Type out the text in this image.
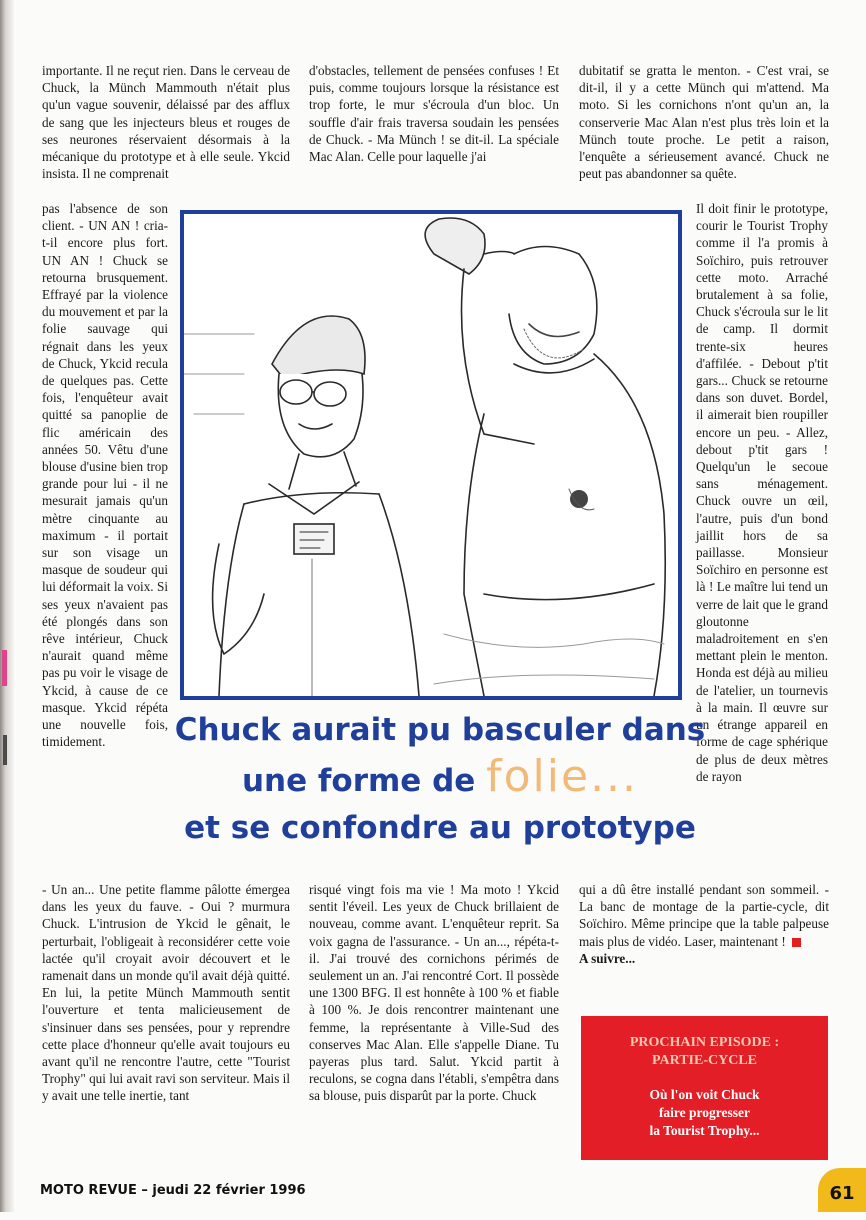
importante. Il ne reçut rien. Dans le cerveau de Chuck, la Münch Mammouth n'était plus qu'un vague souvenir, délaissé par des afflux de sang que les injecteurs bleus et rouges de ses neurones réservaient désormais à la mécanique du prototype et à elle seule. Ykcid insista. Il ne comprenait

pas l'absence de son client. - UN AN ! cria-t-il encore plus fort. UN AN ! Chuck se retourna brusquement. Effrayé par la violence du mouvement et par la folie sauvage qui régnait dans les yeux de Chuck, Ykcid recula de quelques pas. Cette fois, l'enquêteur avait quitté sa panoplie de flic américain des années 50. Vêtu d'une blouse d'usine bien trop grande pour lui - il ne mesurait jamais qu'un mètre cinquante au maximum - il portait sur son visage un masque de soudeur qui lui déformait la voix. Si ses yeux n'avaient pas été plongés dans son rêve intérieur, Chuck n'aurait quand même pas pu voir le visage de Ykcid, à cause de ce masque. Ykcid répéta une nouvelle fois, timidement.

- Un an... Une petite flamme pâlotte émergea dans les yeux du fauve. - Oui ? murmura Chuck. L'intrusion de Ykcid le gênait, le perturbait, l'obligeait à reconsidérer cette voie lactée qu'il croyait avoir découvert et le ramenait dans un monde qu'il avait déjà quitté. En lui, la petite Münch Mammouth sentit l'ouverture et tenta malicieusement de s'insinuer dans ses pensées, pour y reprendre cette place d'honneur qu'elle avait toujours eu avant qu'il ne rencontre l'autre, cette "Tourist Trophy" qui lui avait ravi son serviteur. Mais il y avait une telle inertie, tant

d'obstacles, tellement de pensées confuses ! Et puis, comme toujours lorsque la résistance est trop forte, le mur s'écroula d'un bloc. Un souffle d'air frais traversa soudain les pensées de Chuck. - Ma Münch ! se dit-il. La spéciale Mac Alan. Celle pour laquelle j'ai

risqué vingt fois ma vie ! Ma moto ! Ykcid sentit l'éveil. Les yeux de Chuck brillaient de nouveau, comme avant. L'enquêteur reprit. Sa voix gagna de l'assurance. - Un an..., répéta-t-il. J'ai trouvé des cornichons périmés de seulement un an. J'ai rencontré Cort. Il possède une 1300 BFG. Il est honnête à 100 % et fiable à 100 %. Je dois rencontrer maintenant une femme, la représentante à Ville-Sud des conserves Mac Alan. Elle s'appelle Diane. Tu payeras plus tard. Salut. Ykcid partit à reculons, se cogna dans l'établi, s'empêtra dans sa blouse, puis disparût par la porte. Chuck

dubitatif se gratta le menton. - C'est vrai, se dit-il, il y a cette Münch qui m'attend. Ma moto. Si les cornichons n'ont qu'un an, la conserverie Mac Alan n'est plus très loin et la Münch toute proche. Le petit a raison, l'enquête a sérieusement avancé. Chuck ne peut pas abandonner sa quête.

Il doit finir le prototype, courir le Tourist Trophy comme il l'a promis à Soïchiro, puis retrouver cette moto. Arraché brutalement à sa folie, Chuck s'écroula sur le lit de camp. Il dormit trente-six heures d'affilée. - Debout p'tit gars... Chuck se retourne dans son duvet. Bordel, il aimerait bien roupiller encore un peu. - Allez, debout p'tit gars ! Quelqu'un le secoue sans ménagement. Chuck ouvre un œil, l'autre, puis d'un bond jaillit hors de sa paillasse. Monsieur Soïchiro en personne est là ! Le maître lui tend un verre de lait que le grand gloutonne maladroitement en s'en mettant plein le menton. Honda est déjà au milieu de l'atelier, un tournevis à la main. Il œuvre sur un étrange appareil en forme de cage sphérique de plus de deux mètres de rayon

qui a dû être installé pendant son sommeil. - La banc de montage de la partie-cycle, dit Soïchiro. Même principe que la table palpeuse mais plus de vidéo. Laser, maintenant !

A suivre...

Chuck aurait pu basculer dans
une forme de folie...
et se confondre au prototype
PROCHAIN EPISODE :
PARTIE-CYCLE
Où l'on voit Chuck
faire progresser
la Tourist Trophy...
MOTO REVUE – jeudi 22 février 1996	61
